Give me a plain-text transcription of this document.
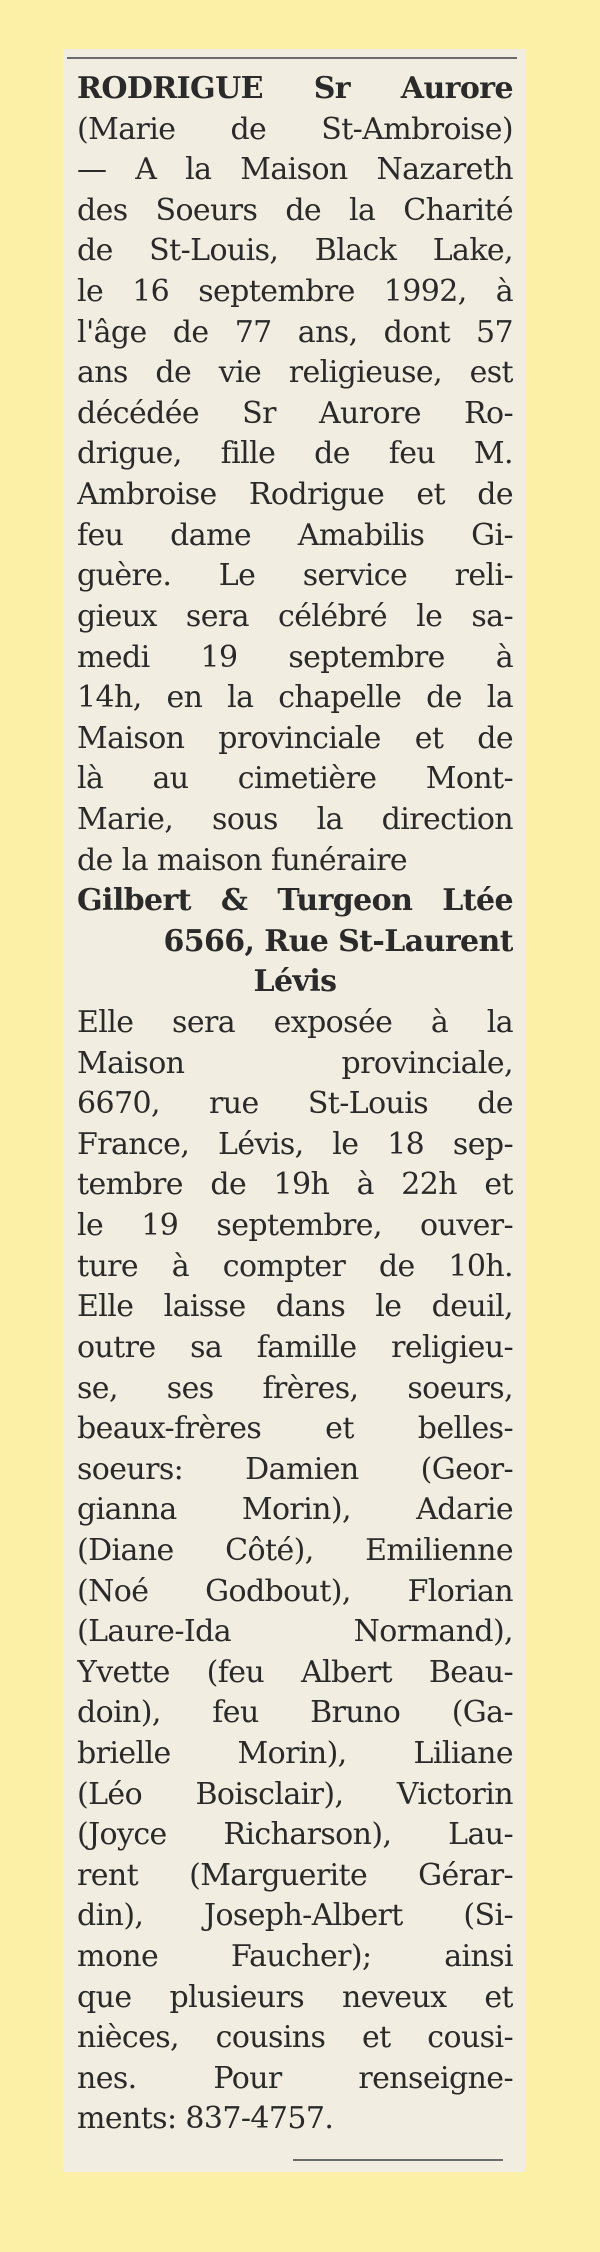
RODRIGUE Sr Aurore
(Marie de St-Ambroise)
— A la Maison Nazareth
des Soeurs de la Charité
de St-Louis, Black Lake,
le 16 septembre 1992, à
l'âge de 77 ans, dont 57
ans de vie religieuse, est
décédée Sr Aurore Ro-
drigue, fille de feu M.
Ambroise Rodrigue et de
feu dame Amabilis Gi-
guère. Le service reli-
gieux sera célébré le sa-
medi 19 septembre à
14h, en la chapelle de la
Maison provinciale et de
là au cimetière Mont-
Marie, sous la direction
de la maison funéraire
Gilbert & Turgeon Ltée
6566, Rue St-Laurent
Lévis
Elle sera exposée à la
Maison provinciale,
6670, rue St-Louis de
France, Lévis, le 18 sep-
tembre de 19h à 22h et
le 19 septembre, ouver-
ture à compter de 10h.
Elle laisse dans le deuil,
outre sa famille religieu-
se, ses frères, soeurs,
beaux-frères et belles-
soeurs: Damien (Geor-
gianna Morin), Adarie
(Diane Côté), Emilienne
(Noé Godbout), Florian
(Laure-Ida Normand),
Yvette (feu Albert Beau-
doin), feu Bruno (Ga-
brielle Morin), Liliane
(Léo Boisclair), Victorin
(Joyce Richarson), Lau-
rent (Marguerite Gérar-
din), Joseph-Albert (Si-
mone Faucher); ainsi
que plusieurs neveux et
nièces, cousins et cousi-
nes. Pour renseigne-
ments: 837-4757.
